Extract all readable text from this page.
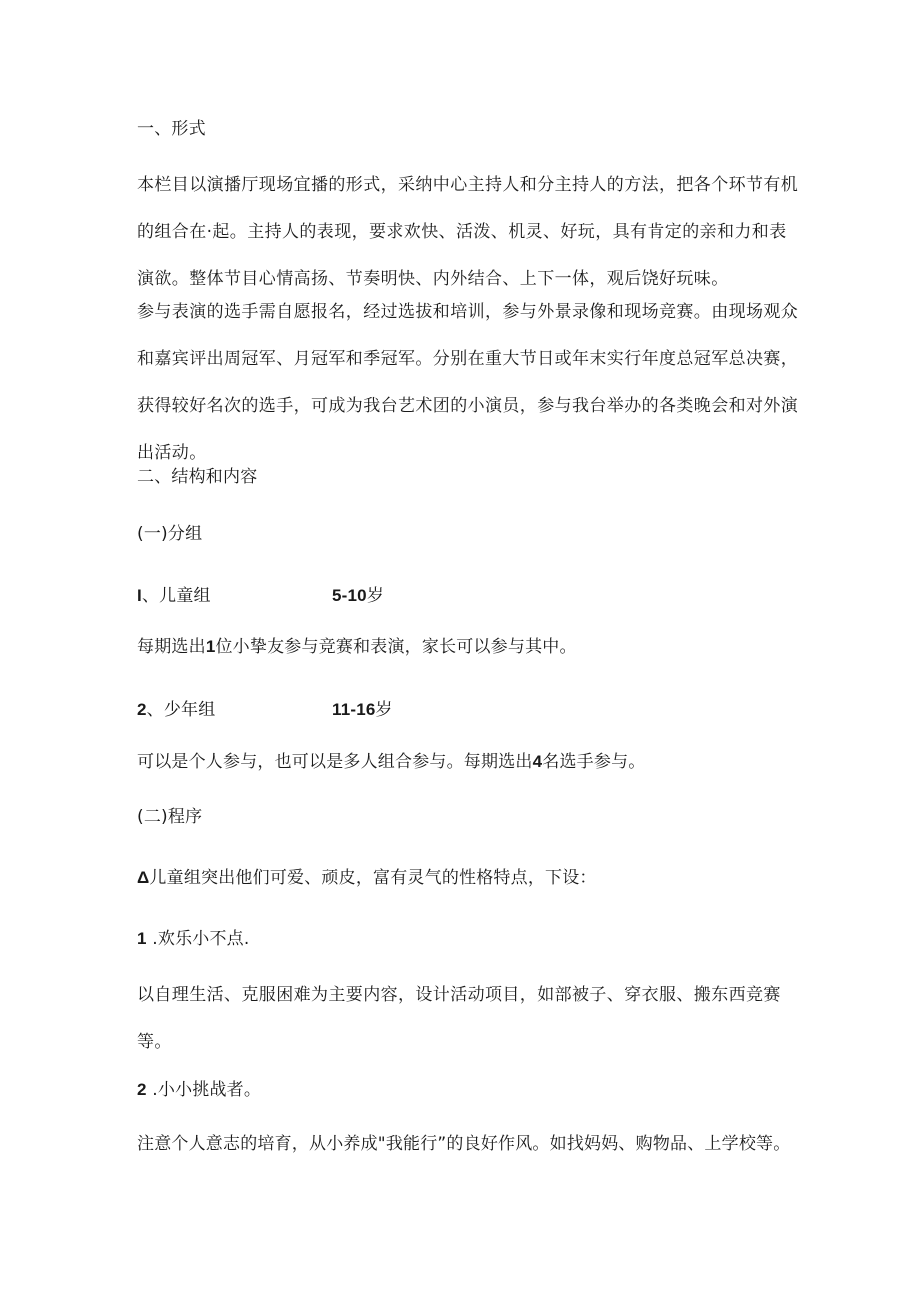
一、形式
本栏目以演播厅现场宜播的形式，采纳中心主持人和分主持人的方法，把各个环节有机
的组合在·起。主持人的表现，要求欢快、活泼、机灵、好玩，具有肯定的亲和力和表
演欲。整体节目心情高扬、节奏明快、内外结合、上下一体，观后饶好玩味。
参与表演的选手需自愿报名，经过选拔和培训，参与外景录像和现场竞赛。由现场观众
和嘉宾评出周冠军、月冠军和季冠军。分别在重大节日或年末实行年度总冠军总决赛，
获得较好名次的选手，可成为我台艺术团的小演员，参与我台举办的各类晚会和对外演
出活动。
二、结构和内容
(一)分组
I、儿童组	5-10岁
每期选出1位小挚友参与竞赛和表演，家长可以参与其中。
2、少年组	11-16岁
可以是个人参与，也可以是多人组合参与。每期选出4名选手参与。
(二)程序
Δ儿童组突出他们可爱、顽皮，富有灵气的性格特点，下设：
1 .欢乐小不点.
以自理生活、克服困难为主要内容，设计活动项目，如部被子、穿衣服、搬东西竞赛
等。
2 .小小挑战者。
注意个人意志的培育，从小养成"我能行”的良好作风。如找妈妈、购物品、上学校等。
